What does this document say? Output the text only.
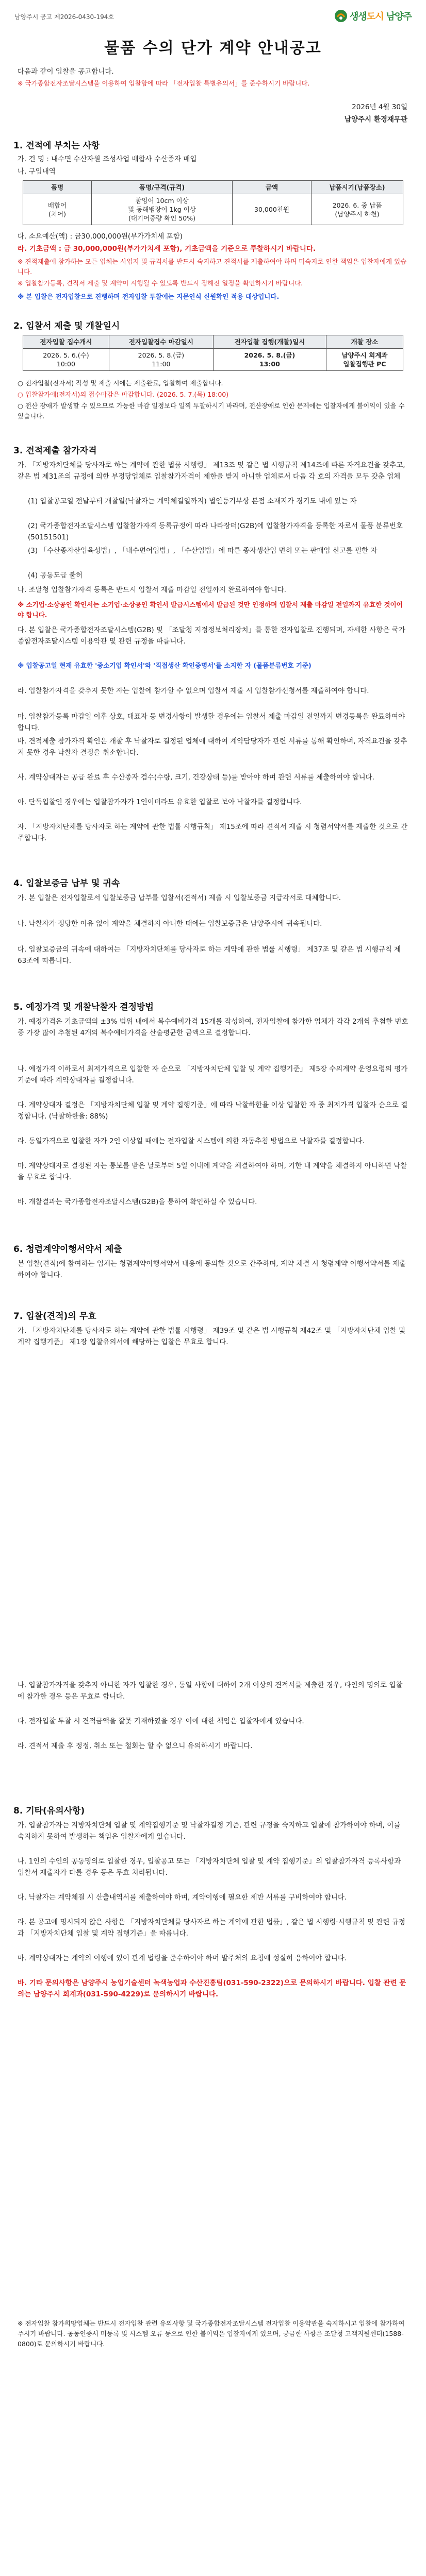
남양주시 공고 제2026-0430-194호	생생도시 남양주
물품 수의 단가 계약 안내공고

다음과 같이 입찰을 공고합니다.

※ 국가종합전자조달시스템을 이용하여 입찰함에 따라 「전자입찰 특별유의서」를 준수하시기 바랍니다.

2026년 4월 30일
남양주시 환경재무관
1. 견적에 부치는 사항

가. 건 명 : 내수면 수산자원 조성사업 배합사 수산종자 매입

나. 구입내역

품명	품명/규격(규격)	금액	납품시기(납품장소)
배합어
(치어)	참잉어 10cm 이상
및 동해뱀장어 1kg 이상
(대기어중량 확인 50%)	30,000천원	2026. 6. 중 납품
(남양주시 하천)

다. 소요예산(액) : 금30,000,000원(부가가치세 포함)

라. 기초금액 : 금 30,000,000원(부가가치세 포함), 기초금액을 기준으로 투찰하시기 바랍니다.

※ 견적제출에 참가하는 모든 업체는 사업지 및 규격서를 반드시 숙지하고 견적서를 제출하여야 하며 미숙지로 인한 책임은 입찰자에게 있습니다.

※ 입찰참가등록, 견적서 제출 및 계약이 시행될 수 있도록 반드시 정해진 일정을 확인하시기 바랍니다.

※ 본 입찰은 전자입찰으로 진행하며 전자입찰 투찰에는 지문인식 신원확인 적용 대상입니다.

2. 입찰서 제출 및 개찰일시
전자입찰 집수개시	전자입찰집수 마감일시	전자입찰 집행(개찰)일시	개찰 장소
2026. 5. 6.(수)
10:00	2026. 5. 8.(금)
11:00	2026. 5. 8.(금)
13:00	남양주시 회계과
입찰집행관 PC

○ 전자입찰(전자서) 작성 및 제출 시에는 제출완료, 입찰하여 제출합니다.

○ 입찰참가에(전자서)의 접수마감은 마감합니다. (2026. 5. 7.(목) 18:00)

○ 전산 장애가 발생할 수 있으므로 가능한 마감 일정보다 일찍 투찰하시기 바라며, 전산장애로 인한 문제에는 입찰자에게 불이익이 있을 수 있습니다.

3. 견적제출 참가자격

가. 「지방자치단체를 당사자로 하는 계약에 관한 법률 시행령」 제13조 및 같은 법 시행규칙 제14조에 따른 자격요건을 갖추고, 같은 법 제31조의 규정에 의한 부정당업체로 입찰참가자격이 제한을 받지 아니한 업체로서 다음 각 호의 자격을 모두 갖춘 업체

(1) 입찰공고일 전날부터 개찰일(낙찰자는 계약체결일까지) 법인등기부상 본점 소재지가 경기도 내에 있는 자

(2) 국가종합전자조달시스템 입찰참가자격 등록규정에 따라 나라장터(G2B)에 입찰참가자격을 등록한 자로서 물품 분류번호(50151501)

(3) 「수산종자산업육성법」, 「내수면어업법」, 「수산업법」에 따른 종자생산업 면허 또는 판매업 신고를 필한 자

(4) 공동도급 불허

나. 조달청 입찰참가자격 등록은 반드시 입찰서 제출 마감일 전일까지 완료하여야 합니다.

※ 소기업·소상공인 확인서는 소기업·소상공인 확인서 발급시스템에서 발급된 것만 인정하며 입찰서 제출 마감일 전일까지 유효한 것이어야 합니다.

다. 본 입찰은 국가종합전자조달시스템(G2B) 및 「조달청 지정정보처리장치」를 통한 전자입찰로 진행되며, 자세한 사항은 국가종합전자조달시스템 이용약관 및 관련 규정을 따릅니다.

※ 입찰공고일 현재 유효한 '중소기업 확인서'와 '직접생산 확인증명서'를 소지한 자 (물품분류번호 기준)

라. 입찰참가자격을 갖추지 못한 자는 입찰에 참가할 수 없으며 입찰서 제출 시 입찰참가신청서를 제출하여야 합니다.

마. 입찰참가등록 마감일 이후 상호, 대표자 등 변경사항이 발생할 경우에는 입찰서 제출 마감일 전일까지 변경등록을 완료하여야 합니다.

바. 견적제출 참가자격 확인은 개찰 후 낙찰자로 결정된 업체에 대하여 계약담당자가 관련 서류를 통해 확인하며, 자격요건을 갖추지 못한 경우 낙찰자 결정을 취소합니다.

사. 계약상대자는 공급 완료 후 수산종자 검수(수량, 크기, 건강상태 등)를 받아야 하며 관련 서류를 제출하여야 합니다.

아. 단독입찰인 경우에는 입찰참가자가 1인이더라도 유효한 입찰로 보아 낙찰자를 결정합니다.

자. 「지방자치단체를 당사자로 하는 계약에 관한 법률 시행규칙」 제15조에 따라 견적서 제출 시 청렴서약서를 제출한 것으로 간주합니다.

4. 입찰보증금 납부 및 귀속

가. 본 입찰은 전자입찰로서 입찰보증금 납부를 입찰서(견적서) 제출 시 입찰보증금 지급각서로 대체합니다.

나. 낙찰자가 정당한 이유 없이 계약을 체결하지 아니한 때에는 입찰보증금은 남양주시에 귀속됩니다.

다. 입찰보증금의 귀속에 대하여는 「지방자치단체를 당사자로 하는 계약에 관한 법률 시행령」 제37조 및 같은 법 시행규칙 제63조에 따릅니다.

5. 예정가격 및 개찰낙찰자 결정방법

가. 예정가격은 기초금액의 ±3% 범위 내에서 복수예비가격 15개를 작성하여, 전자입찰에 참가한 업체가 각각 2개씩 추첨한 번호 중 가장 많이 추첨된 4개의 복수예비가격을 산술평균한 금액으로 결정합니다.

나. 예정가격 이하로서 최저가격으로 입찰한 자 순으로 「지방자치단체 입찰 및 계약 집행기준」 제5장 수의계약 운영요령의 평가 기준에 따라 계약상대자를 결정합니다.

다. 계약상대자 결정은 「지방자치단체 입찰 및 계약 집행기준」에 따라 낙찰하한율 이상 입찰한 자 중 최저가격 입찰자 순으로 결정합니다. (낙찰하한율: 88%)

라. 동일가격으로 입찰한 자가 2인 이상일 때에는 전자입찰 시스템에 의한 자동추첨 방법으로 낙찰자를 결정합니다.

마. 계약상대자로 결정된 자는 통보를 받은 날로부터 5일 이내에 계약을 체결하여야 하며, 기한 내 계약을 체결하지 아니하면 낙찰을 무효로 합니다.

바. 개찰결과는 국가종합전자조달시스템(G2B)을 통하여 확인하실 수 있습니다.

6. 청렴계약이행서약서 제출

본 입찰(견적)에 참여하는 업체는 청렴계약이행서약서 내용에 동의한 것으로 간주하며, 계약 체결 시 청렴계약 이행서약서를 제출하여야 합니다.

7. 입찰(견적)의 무효

가. 「지방자치단체를 당사자로 하는 계약에 관한 법률 시행령」 제39조 및 같은 법 시행규칙 제42조 및 「지방자치단체 입찰 및 계약 집행기준」 제1장 입찰유의서에 해당하는 입찰은 무효로 합니다.

나. 입찰참가자격을 갖추지 아니한 자가 입찰한 경우, 동일 사항에 대하여 2개 이상의 견적서를 제출한 경우, 타인의 명의로 입찰에 참가한 경우 등은 무효로 합니다.

다. 전자입찰 투찰 시 견적금액을 잘못 기재하였을 경우 이에 대한 책임은 입찰자에게 있습니다.

라. 견적서 제출 후 정정, 취소 또는 철회는 할 수 없으니 유의하시기 바랍니다.

8. 기타(유의사항)

가. 입찰참가자는 지방자치단체 입찰 및 계약집행기준 및 낙찰자결정 기준, 관련 규정을 숙지하고 입찰에 참가하여야 하며, 이를 숙지하지 못하여 발생하는 책임은 입찰자에게 있습니다.

나. 1인의 수인의 공동명의로 입찰한 경우, 입찰공고 또는 「지방자치단체 입찰 및 계약 집행기준」의 입찰참가자격 등록사항과 입찰서 제출자가 다를 경우 등은 무효 처리됩니다.

다. 낙찰자는 계약체결 시 산출내역서를 제출하여야 하며, 계약이행에 필요한 제반 서류를 구비하여야 합니다.

라. 본 공고에 명시되지 않은 사항은 「지방자치단체를 당사자로 하는 계약에 관한 법률」, 같은 법 시행령·시행규칙 및 관련 규정과 「지방자치단체 입찰 및 계약 집행기준」을 따릅니다.

마. 계약상대자는 계약의 이행에 있어 관계 법령을 준수하여야 하며 발주처의 요청에 성실히 응하여야 합니다.

바. 기타 문의사항은 남양주시 농업기술센터 녹색농업과 수산진흥팀(031-590-2322)으로 문의하시기 바랍니다. 입찰 관련 문의는 남양주시 회계과(031-590-4229)로 문의하시기 바랍니다.

※ 전자입찰 참가희망업체는 반드시 전자입찰 관련 유의사항 및 국가종합전자조달시스템 전자입찰 이용약관을 숙지하시고 입찰에 참가하여 주시기 바랍니다. 공동인증서 미등록 및 시스템 오류 등으로 인한 불이익은 입찰자에게 있으며, 궁금한 사항은 조달청 고객지원센터(1588-0800)로 문의하시기 바랍니다.
